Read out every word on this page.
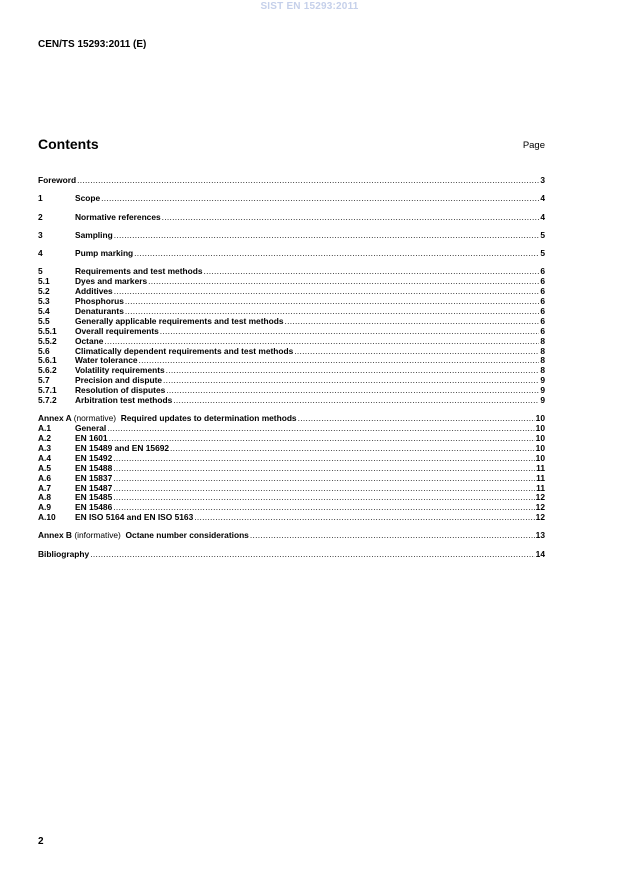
SIST EN 15293:2011
CEN/TS 15293:2011 (E)
Contents	Page
Foreword .....	3
1	Scope .....	4
2	Normative references .....	4
3	Sampling .....	5
4	Pump marking .....	5
5	Requirements and test methods .....	6
5.1	Dyes and markers .....	6
5.2	Additives .....	6
5.3	Phosphorus .....	6
5.4	Denaturants .....	6
5.5	Generally applicable requirements and test methods .....	6
5.5.1	Overall requirements .....	6
5.5.2	Octane .....	8
5.6	Climatically dependent requirements and test methods .....	8
5.6.1	Water tolerance .....	8
5.6.2	Volatility requirements .....	8
5.7	Precision and dispute .....	9
5.7.1	Resolution of disputes .....	9
5.7.2	Arbitration test methods .....	9
Annex A (normative) Required updates to determination methods .....	10
A.1	General .....	10
A.2	EN 1601 .....	10
A.3	EN 15489 and EN 15692 .....	10
A.4	EN 15492 .....	10
A.5	EN 15488 .....	11
A.6	EN 15837 .....	11
A.7	EN 15487 .....	11
A.8	EN 15485 .....	12
A.9	EN 15486 .....	12
A.10	EN ISO 5164 and EN ISO 5163 .....	12
Annex B (informative) Octane number considerations .....	13
Bibliography .....	14
2
